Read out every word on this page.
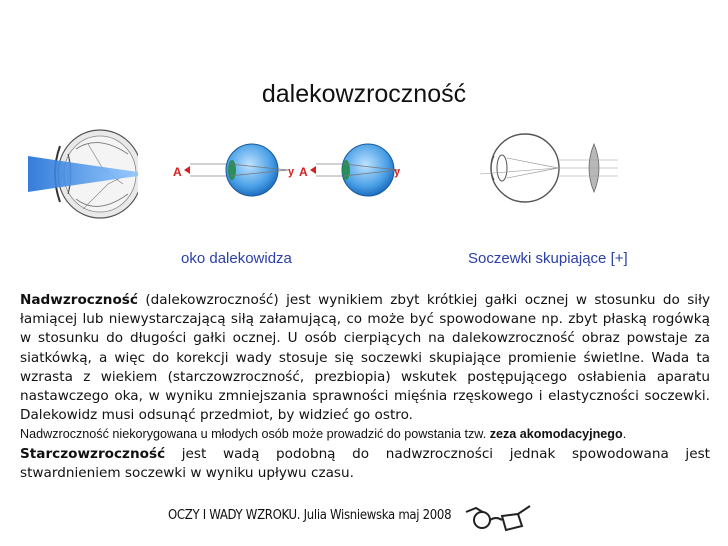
dalekowzroczność
A	y A	y
oko dalekowidza	Soczewki skupiające [+]
Nadwzroczność (dalekowzroczność) jest wynikiem zbyt krótkiej gałki ocznej w stosunku do siły łamiącej lub niewystarczającą siłą załamującą, co może być spowodowane np. zbyt płaską rogówką w stosunku do długości gałki ocznej. U osób cierpiących na dalekowzroczność obraz powstaje za siatkówką, a więc do korekcji wady stosuje się soczewki skupiające promienie świetlne. Wada ta wzrasta z wiekiem (starczowzroczność, prezbiopia) wskutek postępującego osłabienia aparatu nastawczego oka, w wyniku zmniejszania sprawności mięśnia rzęskowego i elastyczności soczewki. Dalekowidz musi odsunąć przedmiot, by widzieć go ostro.
Nadwzroczność niekorygowana u młodych osób może prowadzić do powstania tzw. zeza akomodacyjnego.
Starczowzroczność jest wadą podobną do nadwzroczności jednak spowodowana jest stwardnieniem soczewki w wyniku upływu czasu.
OCZY I WADY WZROKU. Julia Wisniewska maj 2008
